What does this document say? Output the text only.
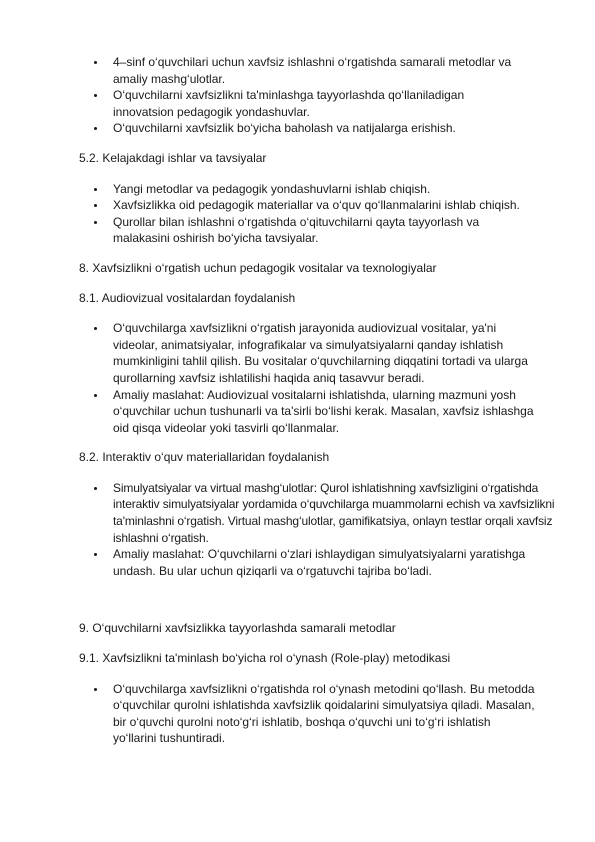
4–sinf o‘quvchilari uchun xavfsiz ishlashni o‘rgatishda samarali metodlar va amaliy mashg‘ulotlar.
O‘quvchilarni xavfsizlikni ta'minlashga tayyorlashda qo‘llaniladigan innovatsion pedagogik yondashuvlar.
O‘quvchilarni xavfsizlik bo‘yicha baholash va natijalarga erishish.

5.2. Kelajakdagi ishlar va tavsiyalar

Yangi metodlar va pedagogik yondashuvlarni ishlab chiqish.
Xavfsizlikka oid pedagogik materiallar va o‘quv qo‘llanmalarini ishlab chiqish.
Qurollar bilan ishlashni o‘rgatishda o‘qituvchilarni qayta tayyorlash va malakasini oshirish bo‘yicha tavsiyalar.

8. Xavfsizlikni o‘rgatish uchun pedagogik vositalar va texnologiyalar

8.1. Audiovizual vositalardan foydalanish

O‘quvchilarga xavfsizlikni o‘rgatish jarayonida audiovizual vositalar, ya'ni videolar, animatsiyalar, infografikalar va simulyatsiyalarni qanday ishlatish mumkinligini tahlil qilish. Bu vositalar o‘quvchilarning diqqatini tortadi va ularga qurollarning xavfsiz ishlatilishi haqida aniq tasavvur beradi.
Amaliy maslahat: Audiovizual vositalarni ishlatishda, ularning mazmuni yosh o‘quvchilar uchun tushunarli va ta'sirli bo‘lishi kerak. Masalan, xavfsiz ishlashga oid qisqa videolar yoki tasvirli qo‘llanmalar.

8.2. Interaktiv o‘quv materiallaridan foydalanish

Simulyatsiyalar va virtual mashg‘ulotlar: Qurol ishlatishning xavfsizligini o‘rgatishda interaktiv simulyatsiyalar yordamida o‘quvchilarga muammolarni echish va xavfsizlikni ta'minlashni o‘rgatish. Virtual mashg‘ulotlar, gamifikatsiya, onlayn testlar orqali xavfsiz ishlashni o‘rgatish.
Amaliy maslahat: O‘quvchilarni o‘zlari ishlaydigan simulyatsiyalarni yaratishga undash. Bu ular uchun qiziqarli va o‘rgatuvchi tajriba bo‘ladi.

9. O‘quvchilarni xavfsizlikka tayyorlashda samarali metodlar

9.1. Xavfsizlikni ta'minlash bo‘yicha rol o‘ynash (Role-play) metodikasi

O‘quvchilarga xavfsizlikni o‘rgatishda rol o‘ynash metodini qo‘llash. Bu metodda o‘quvchilar qurolni ishlatishda xavfsizlik qoidalarini simulyatsiya qiladi. Masalan, bir o‘quvchi qurolni noto‘g‘ri ishlatib, boshqa o‘quvchi uni to‘g‘ri ishlatish yo‘llarini tushuntiradi.
